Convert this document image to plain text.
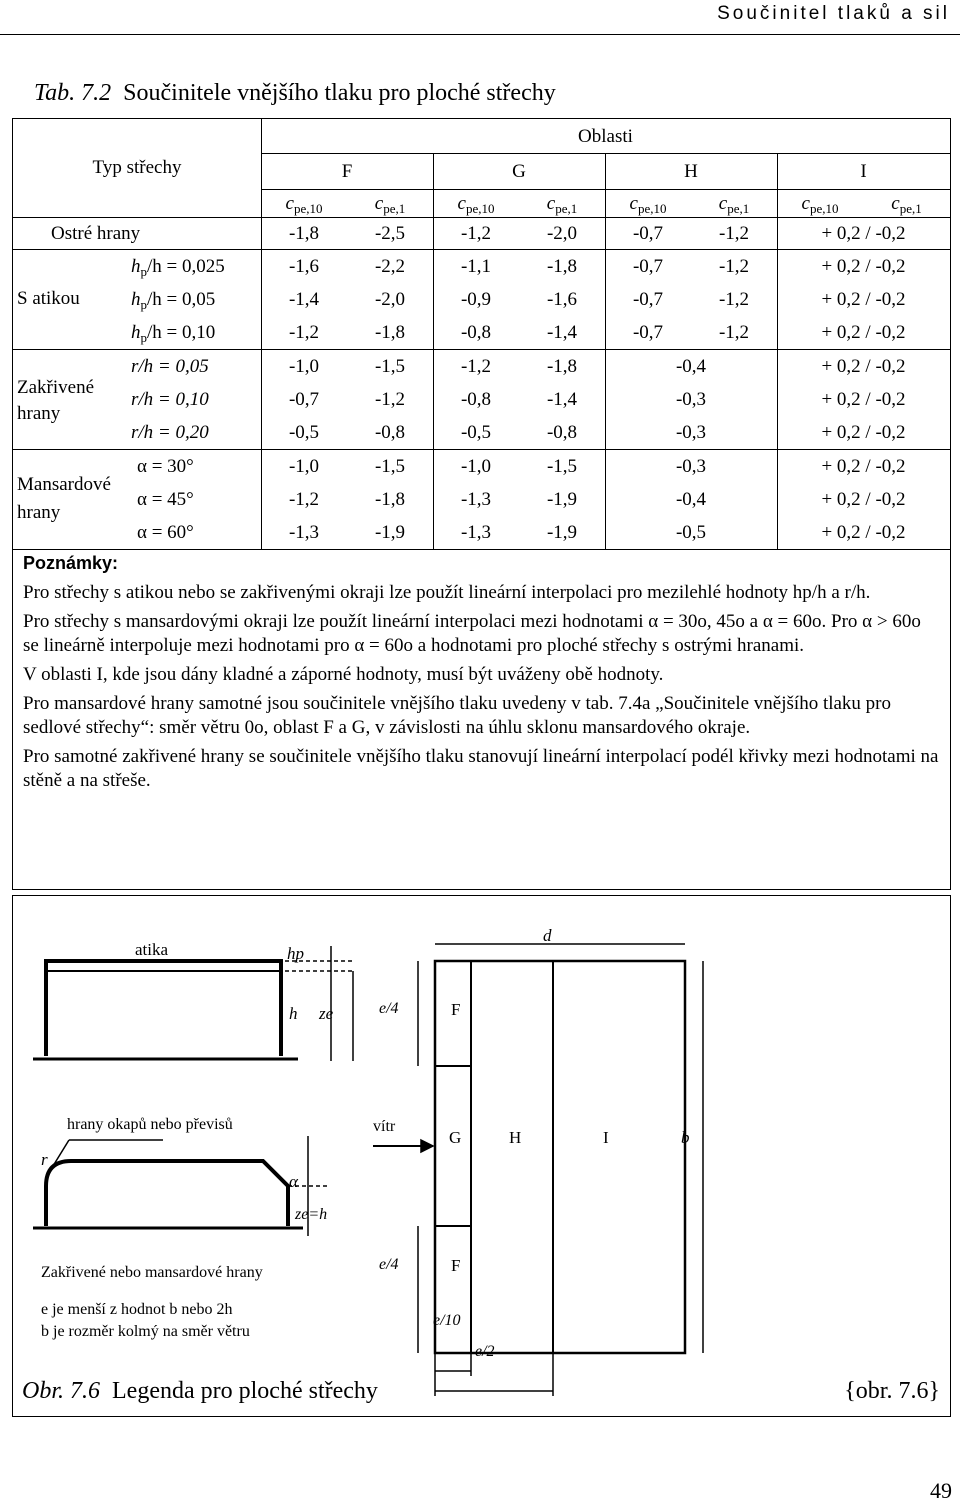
Součinitel tlaků a sil
Tab. 7.2 Součinitele vnějšího tlaku pro ploché střechy
Oblasti
Typ střechy	F	G	H	I
$c_{pe,10}$	$c_{pe,1}$	$c_{pe,10}$	$c_{pe,1}$	$c_{pe,10}$	$c_{pe,1}$	$c_{pe,10}$	$c_{pe,1}$
Ostré hrany	-1,8	-2,5	-1,2	-2,0	-0,7	-1,2	+ 0,2 / -0,2
S atikou
$h_p/h = 0,025$	-1,6	-2,2	-1,1	-1,8	-0,7	-1,2	+ 0,2 / -0,2
$h_p/h = 0,05$	-1,4	-2,0	-0,9	-1,6	-0,7	-1,2	+ 0,2 / -0,2
$h_p/h = 0,10$	-1,2	-1,8	-0,8	-1,4	-0,7	-1,2	+ 0,2 / -0,2
Zakřivené hrany
r/h = 0,05	-1,0	-1,5	-1,2	-1,8	-0,4	+ 0,2 / -0,2
r/h = 0,10	-0,7	-1,2	-0,8	-1,4	-0,3	+ 0,2 / -0,2
r/h = 0,20	-0,5	-0,8	-0,5	-0,8	-0,3	+ 0,2 / -0,2
Mansardové hrany
α = 30°	-1,0	-1,5	-1,0	-1,5	-0,3	+ 0,2 / -0,2
α = 45°	-1,2	-1,8	-1,3	-1,9	-0,4	+ 0,2 / -0,2
α = 60°	-1,3	-1,9	-1,3	-1,9	-0,5	+ 0,2 / -0,2
Poznámky:

Pro střechy s atikou nebo se zakřivenými okraji lze použít lineární interpolaci pro mezilehlé hodnoty hp/h a r/h.

Pro střechy s mansardovými okraji lze použít lineární interpolaci mezi hodnotami α = 30o, 45o a α = 60o. Pro α > 60o se lineárně interpoluje mezi hodnotami pro α = 60o a hodnotami pro ploché střechy s ostrými hranami.

V oblasti I, kde jsou dány kladné a záporné hodnoty, musí být uváženy obě hodnoty.

Pro mansardové hrany samotné jsou součinitele vnějšího tlaku uvedeny v tab. 7.4a „Součinitele vnějšího tlaku pro sedlové střechy“: směr větru 0o, oblast F a G, v závislosti na úhlu sklonu mansardového okraje.

Pro samotné zakřivené hrany se součinitele vnějšího tlaku stanovují lineární interpolací podél křivky mezi hodnotami na stěně a na střeše.

atika	hp
h ze
hrany okapů nebo převisů
r
α
ze=h
Zakřivené nebo mansardové hrany
e je menší z hodnot b nebo 2h
b je rozměr kolmý na směr větru
d
e/4
e/4
F
F
G	H	I	b
vítr
e/10
e/2
Obr. 7.6 Legenda pro ploché střechy	{obr. 7.6}
49
